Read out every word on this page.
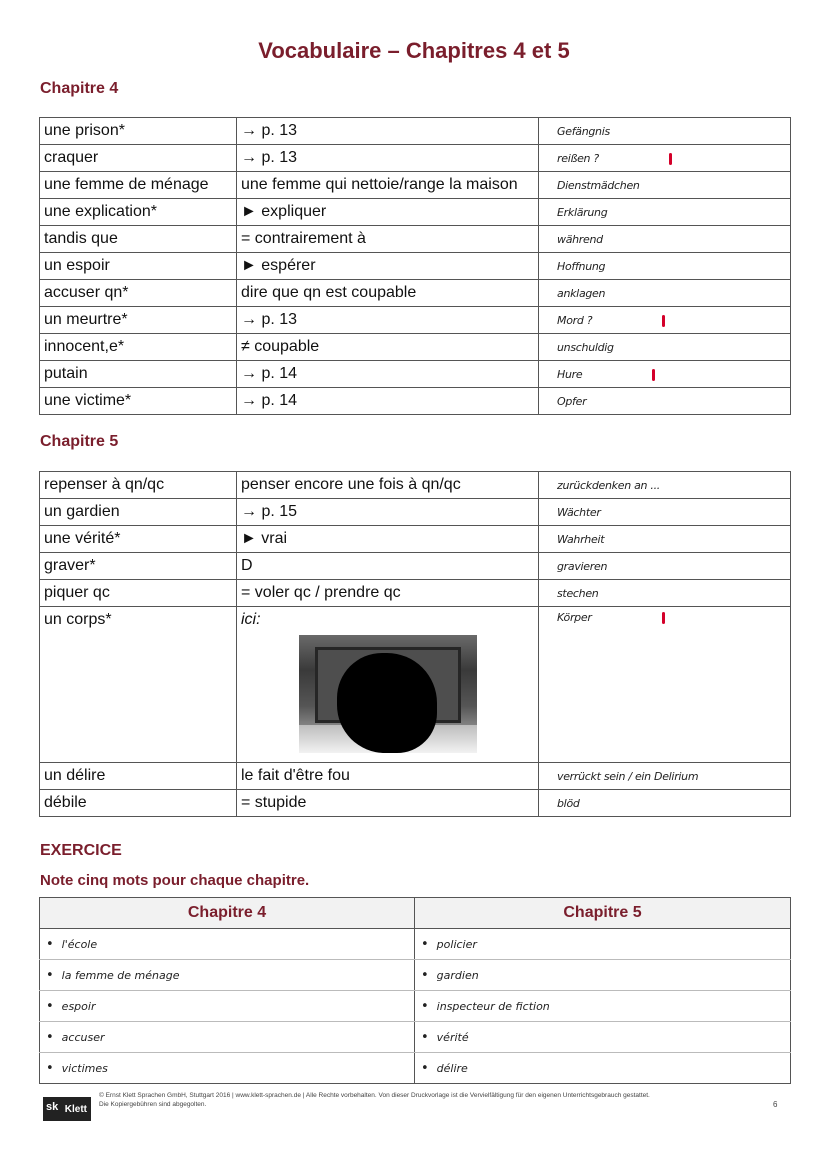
Vocabulaire – Chapitres 4 et 5
Chapitre 4
une prison*	→ p. 13	Gefängnis
craquer	→ p. 13	reißen ?
une femme de ménage	une femme qui nettoie/range la maison	Dienstmädchen
une explication*	► expliquer	Erklärung
tandis que	= contrairement à	während
un espoir	► espérer	Hoffnung
accuser qn*	dire que qn est coupable	anklagen
un meurtre*	→ p. 13	Mord ?
innocent,e*	≠ coupable	unschuldig
putain	→ p. 14	Hure
une victime*	→ p. 14	Opfer
Chapitre 5
repenser à qn/qc	penser encore une fois à qn/qc	zurückdenken an ...
un gardien	→ p. 15	Wächter
une vérité*	► vrai	Wahrheit
graver*	D	gravieren
piquer qc	= voler qc / prendre qc	stechen
un corps*	ici:	Körper
un délire	le fait d'être fou	verrückt sein / ein Delirium
débile	= stupide	blöd
EXERCICE
Note cinq mots pour chaque chapitre.
Chapitre 4	Chapitre 5
• l'école	• policier
• la femme de ménage	• gardien
• espoir	• inspecteur de fiction
• accuser	• vérité
• victimes	• délire
sk Klett
© Ernst Klett Sprachen GmbH, Stuttgart 2016 | www.klett-sprachen.de | Alle Rechte vorbehalten. Von dieser Druckvorlage ist die Vervielfältigung für den eigenen Unterrichtsgebrauch gestattet.
Die Kopiergebühren sind abgegolten.	6
